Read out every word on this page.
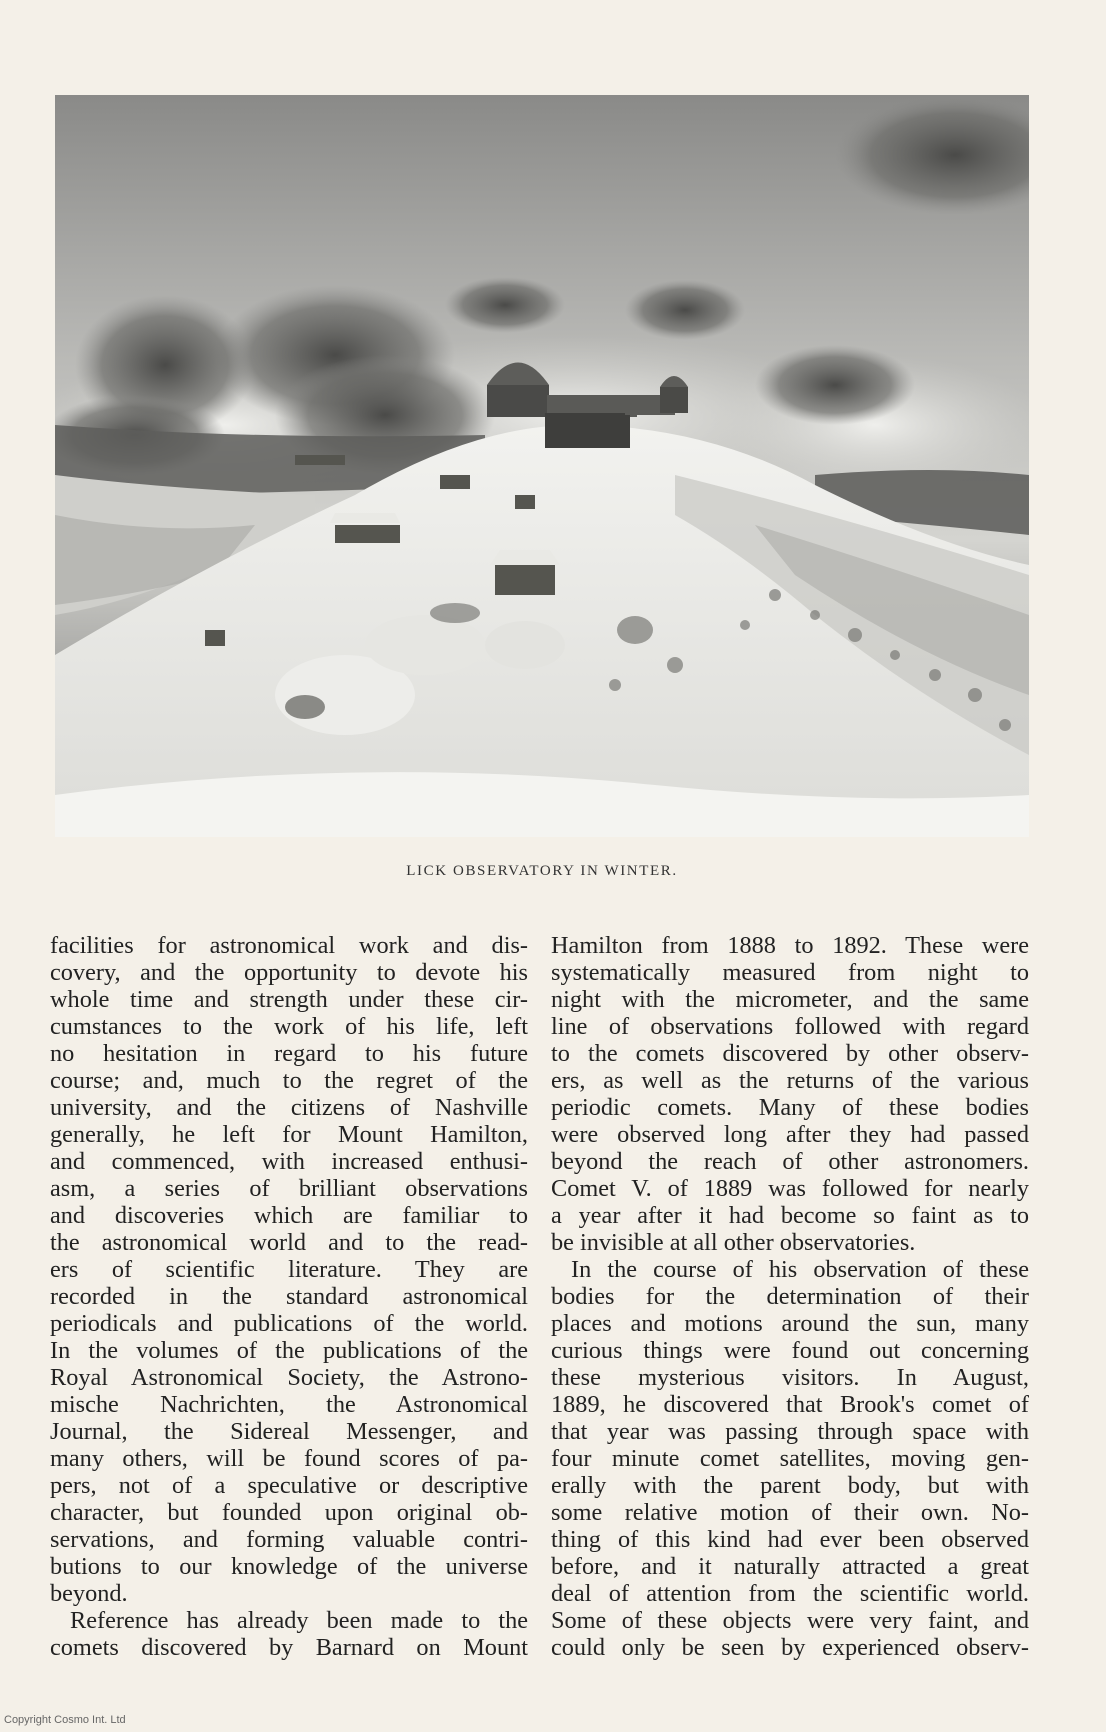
LICK OBSERVATORY IN WINTER.
facilities for astronomical work and dis-
covery, and the opportunity to devote his
whole time and strength under these cir-
cumstances to the work of his life, left
no hesitation in regard to his future
course; and, much to the regret of the
university, and the citizens of Nashville
generally, he left for Mount Hamilton,
and commenced, with increased enthusi-
asm, a series of brilliant observations
and discoveries which are familiar to
the astronomical world and to the read-
ers of scientific literature. They are
recorded in the standard astronomical
periodicals and publications of the world.
In the volumes of the publications of the
Royal Astronomical Society, the Astrono-
mische Nachrichten, the Astronomical
Journal, the Sidereal Messenger, and
many others, will be found scores of pa-
pers, not of a speculative or descriptive
character, but founded upon original ob-
servations, and forming valuable contri-
butions to our knowledge of the universe
beyond.
Reference has already been made to the
comets discovered by Barnard on Mount
Hamilton from 1888 to 1892. These were
systematically measured from night to
night with the micrometer, and the same
line of observations followed with regard
to the comets discovered by other observ-
ers, as well as the returns of the various
periodic comets. Many of these bodies
were observed long after they had passed
beyond the reach of other astronomers.
Comet V. of 1889 was followed for nearly
a year after it had become so faint as to
be invisible at all other observatories.
In the course of his observation of these
bodies for the determination of their
places and motions around the sun, many
curious things were found out concerning
these mysterious visitors. In August,
1889, he discovered that Brook's comet of
that year was passing through space with
four minute comet satellites, moving gen-
erally with the parent body, but with
some relative motion of their own. No-
thing of this kind had ever been observed
before, and it naturally attracted a great
deal of attention from the scientific world.
Some of these objects were very faint, and
could only be seen by experienced observ-
Copyright Cosmo Int. Ltd
